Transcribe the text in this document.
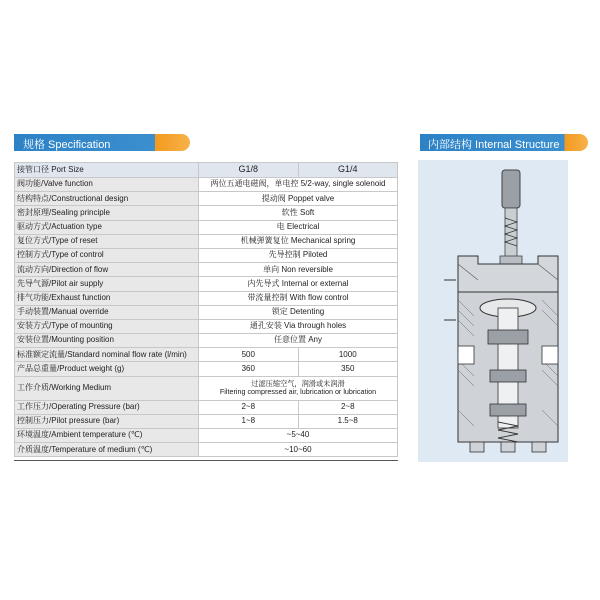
规格 Specification	内部结构 Internal Structure
接管口径 Port Size	G1/8	G1/4
阀功能/Valve function	两位五通电磁阀，单电控 5/2-way, single solenoid	
结构特点/Constructional design	提动阀 Poppet valve	
密封原理/Sealing principle	软性 Soft	
驱动方式/Actuation type	电 Electrical	
复位方式/Type of reset	机械弹簧复位 Mechanical spring	
控制方式/Type of control	先导控制 Piloted	
流动方向/Direction of flow	单向 Non reversible	
先导气源/Pilot air supply	内先导式 Internal or external	
排气功能/Exhaust function	带流量控制 With flow control	
手动装置/Manual override	锁定 Detenting	
安装方式/Type of mounting	通孔安装 Via through holes	
安装位置/Mounting position	任意位置 Any	
标准额定流量/Standard nominal flow rate (l/min)	500	1000
产品总重量/Product weight (g)	360	350
工作介质/Working Medium	过滤压缩空气，润滑或未润滑
Filtering compressed air, lubrication or lubrication	

工作压力/Operating Pressure (bar)	2~8	2~8
控制压力/Pilot pressure (bar)	1~8	1.5~8
环境温度/Ambient temperature (℃)	~5~40	
介质温度/Temperature of medium (℃)	~10~60	
